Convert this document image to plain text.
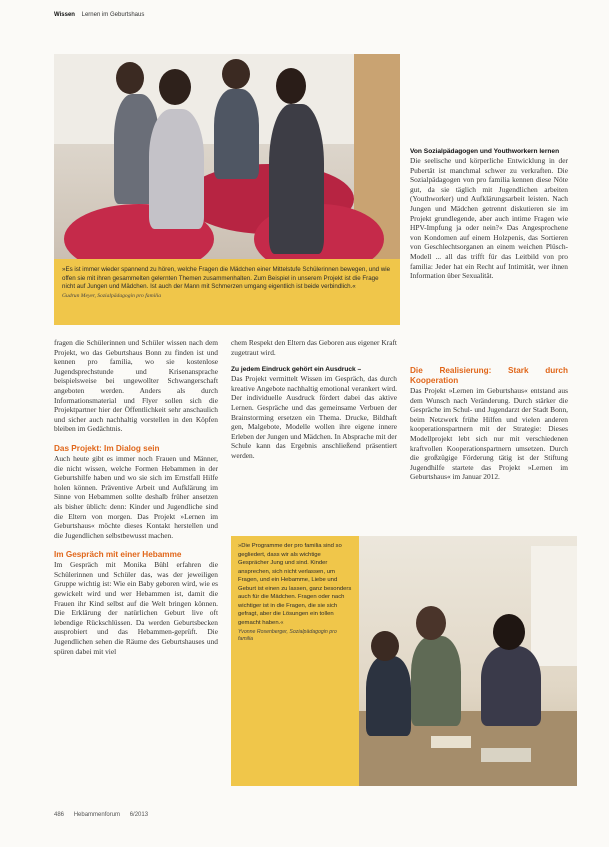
Wissen Lernen im Geburtshaus
»Es ist immer wieder spannend zu hören, welche Fragen die Mädchen einer Mittelstufe Schülerinnen bewegen, und wie offen sie mit ihren gesammelten gelernten Themen zusammenhalten. Zum Beispiel in unserem Projekt ist die Frage nicht auf Jungen und Mädchen. Ist auch der Mann mit Schmerzen umgang eigentlich ist beide verbindlich.«
Gudrun Meyer, Sozialpädagogin pro familia

Von Sozialpädagogen und Youthworkern lernen

Die seelische und körperliche Entwicklung in der Pubertät ist manchmal schwer zu verkraften. Die Sozialpädagogen von pro familia kennen diese Nöte gut, da sie täglich mit Jugendlichen arbeiten (Youthworker) und Aufklärungsarbeit leisten. Nach Jungen und Mädchen getrennt diskutieren sie im Projekt grundlegende, aber auch intime Fragen wie HPV-Impfung ja oder nein?« Das Angesprochene von Kondomen auf einem Holzpenis, das Sortieren von Geschlechtsorganen an einem weichen Plüsch-Modell ... all das trifft für das Leitbild von pro familia: Jeder hat ein Recht auf Intimität, wer ihnen Information über Sexualität.

fragen die Schülerinnen und Schüler wissen nach dem Projekt, wo das Geburtshaus Bonn zu finden ist und kennen pro familia, wo sie kostenlose Jugendsprechstunde und Krisenansprache beispielsweise bei ungewollter Schwangerschaft angeboten werden. Anders als durch Informationsmaterial und Flyer sollen sich die Projektpartner hier der Öffentlichkeit sehr anschaulich und sicher auch nachhaltig vorstellen in den Köpfen bleiben im Gedächtnis.

Das Projekt: Im Dialog sein

Auch heute gibt es immer noch Frauen und Männer, die nicht wissen, welche Formen Hebammen in der Geburtshilfe haben und wo sie sich im Ernstfall Hilfe holen können. Präventive Arbeit und Aufklärung im Sinne von Hebammen sollte deshalb früher ansetzen als bisher üblich: denn: Kinder und Jugendliche sind die Eltern von morgen. Das Projekt »Lernen im Geburtshaus« möchte dieses Kontakt herstellen und die Jugendlichen selbstbewusst machen.

Im Gespräch mit einer Hebamme

Im Gespräch mit Monika Bühl erfahren die Schülerinnen und Schüler das, was der jeweiligen Gruppe wichtig ist: Wie ein Baby geboren wird, wie es gewickelt wird und wer Hebammen ist, damit die Frauen ihr Kind selbst auf die Welt bringen können. Die Erklärung der natürlichen Geburt live oft lebendige Rückschlüssen. Da werden Geburtsbecken ausprobiert und das Hebammen-geprüft. Die Jugendlichen sehen die Räume des Geburtshauses und spüren dabei mit viel

chem Respekt den Eltern das Geboren aus eigener Kraft zugetraut wird.

Zu jedem Eindruck gehört ein Ausdruck –

Das Projekt vermittelt Wissen im Gespräch, das durch kreative Angebote nachhaltig emotional verankert wird. Der individuelle Ausdruck fördert dabei das aktive Lernen. Gespräche und das gemeinsame Verbuen der Brainstorming ersetzen ein Thema. Drucke, Bildhaft gen, Malgebote, Modelle wollen ihre eigene innere Erleben der Jungen und Mädchen. In Absprache mit der Schule kann das Ergebnis anschließend präsentiert werden.

Die Realisierung: Stark durch Kooperation

Das Projekt »Lernen im Geburtshaus« entstand aus dem Wunsch nach Veränderung. Durch stärker die Gespräche im Schul- und Jugendarzt der Stadt Bonn, beim Netzwerk frühe Hilfen und vielen anderen kooperationspartnern mit der Strategie: Dieses Modellprojekt lebt sich nur mit verschiedenen kraftvollen Kooperationspartnern umsetzen. Durch die großzügige Förderung tätig ist der Stiftung Jugendhilfe startete das Projekt »Lernen im Geburtshaus« im Januar 2012.

»Die Programme der pro familia sind so gegliedert, dass wir als wichtige Gesprächer Jung und sind. Kinder ansprechen, sich nicht verlassen, um Fragen, und ein Hebamme, Liebe und Geburt ist einen zu lassen, ganz besonders auch für die Mädchen. Fragen oder nach wichtiger ist in die Fragen, die sie sich gefragt, aber die Lösungen ein tollen gemacht haben.«
Yvonne Rosenberger, Sozialpädagogin pro familia
486 Hebammenforum 6/2013
